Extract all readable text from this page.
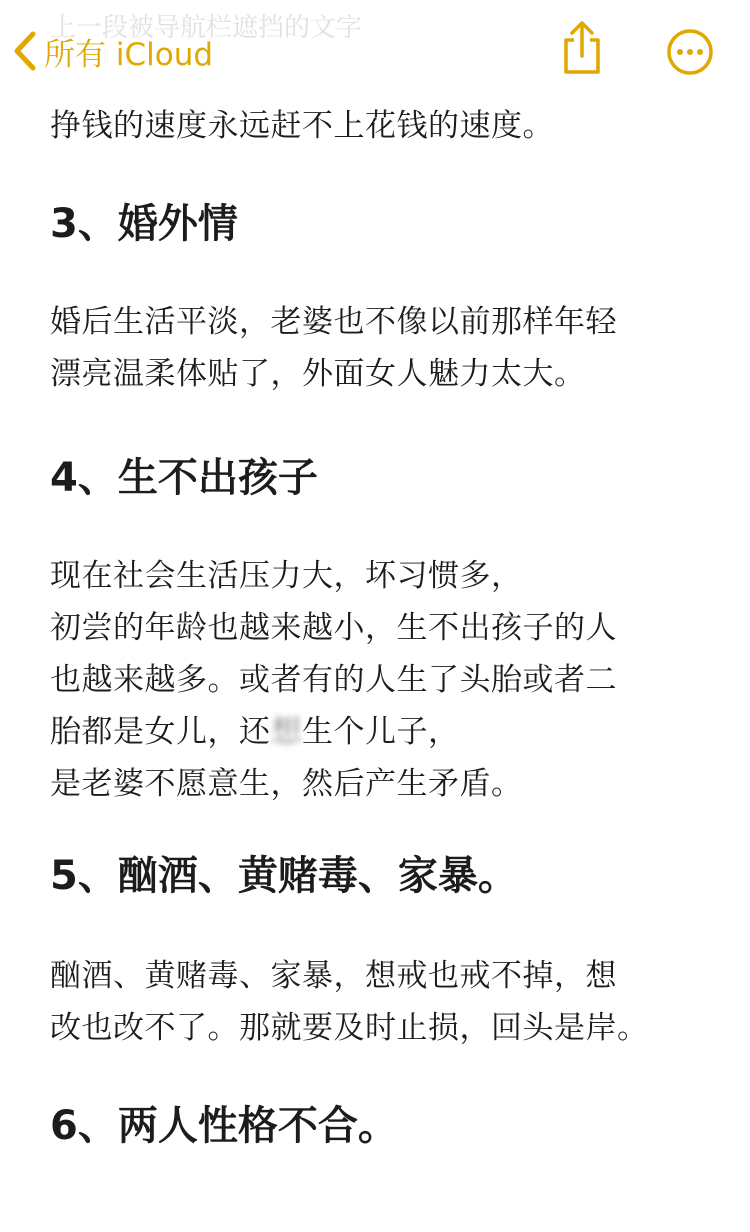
上一段被导航栏遮挡的文字
所有 iCloud

挣钱的速度永远赶不上花钱的速度。

3、婚外情

婚后生活平淡，老婆也不像以前那样年轻

漂亮温柔体贴了，外面女人魅力太大。

4、生不出孩子

现在社会生活压力大，坏习惯多，

初尝的年龄也越来越小，生不出孩子的人

也越来越多。或者有的人生了头胎或者二

胎都是女儿，还想生个儿子，

是老婆不愿意生，然后产生矛盾。

5、酗酒、黄赌毒、家暴。

酗酒、黄赌毒、家暴，想戒也戒不掉，想

改也改不了。那就要及时止损，回头是岸。

6、两人性格不合。
